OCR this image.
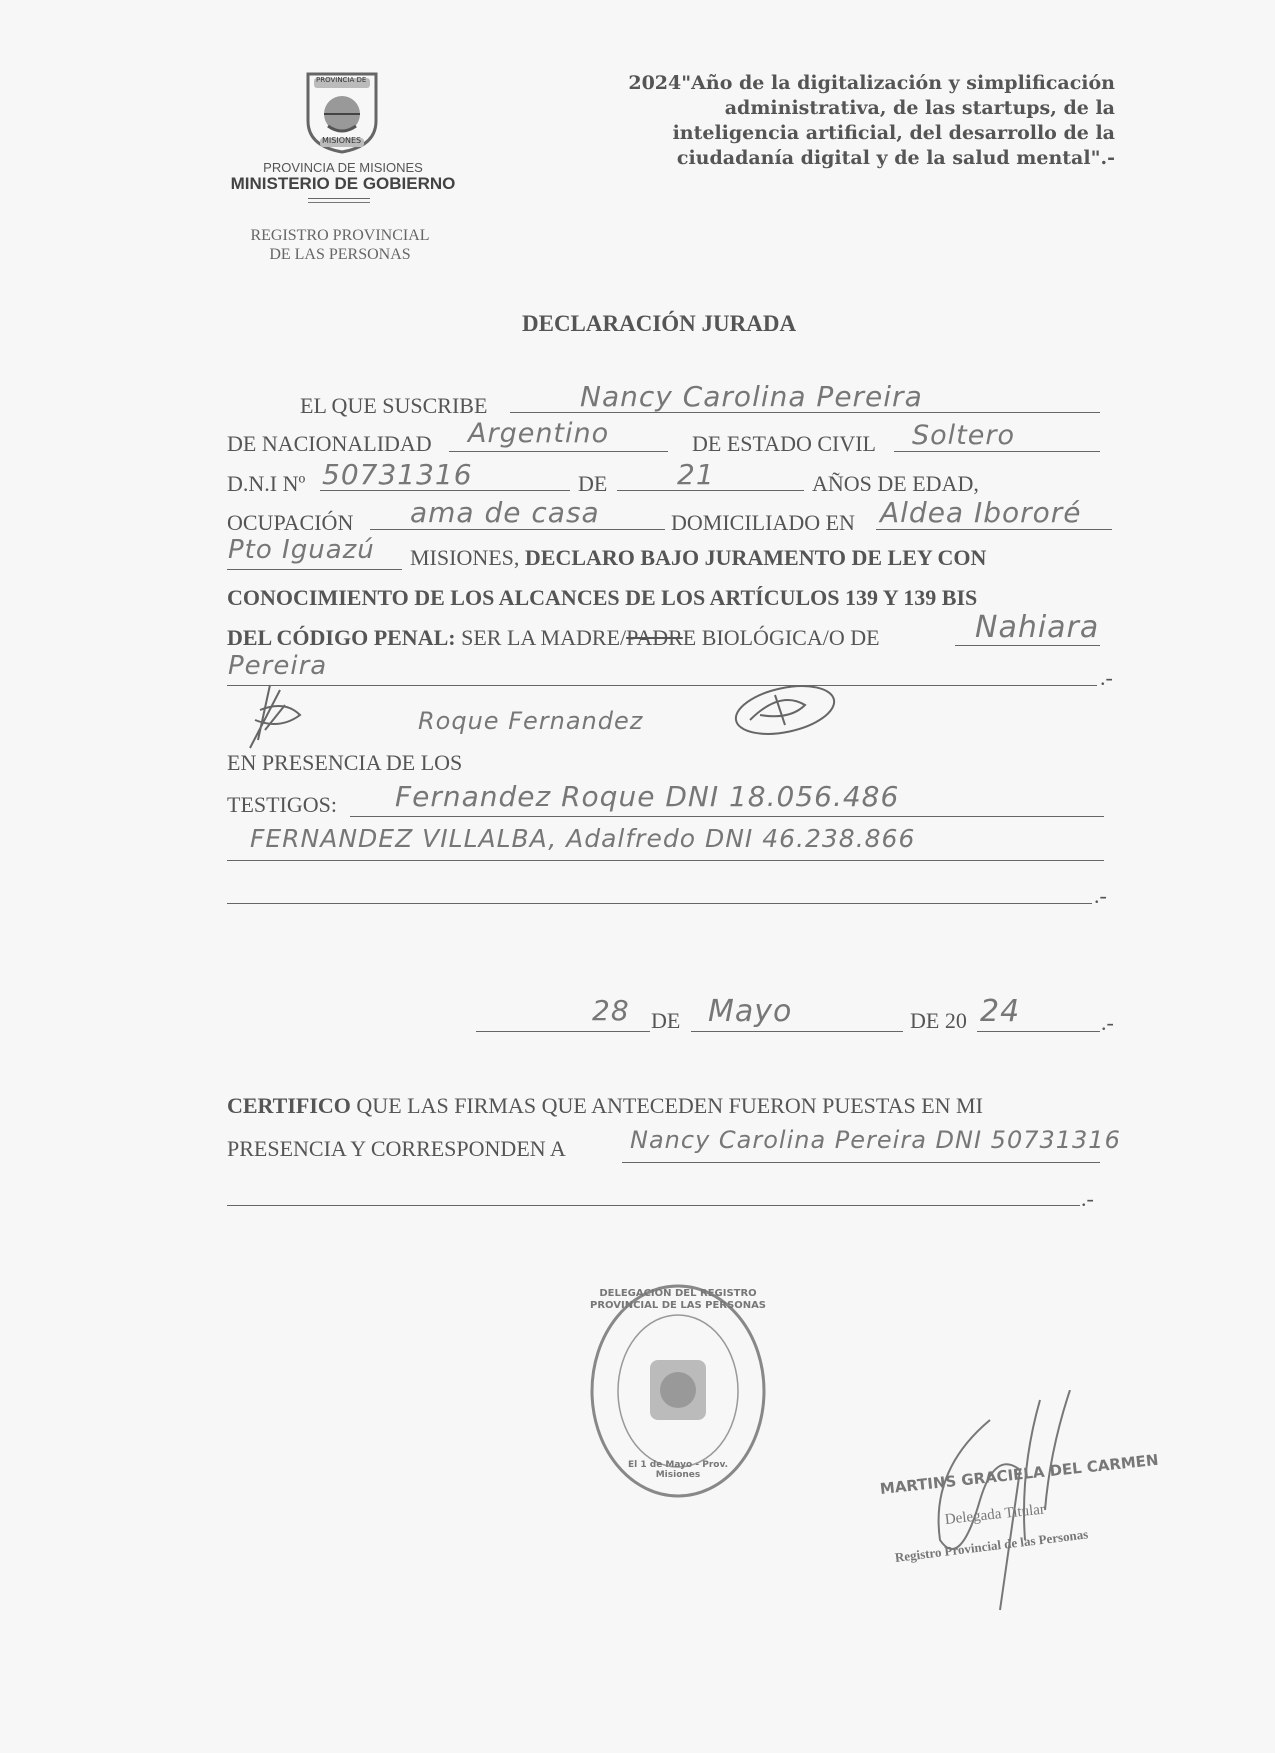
PROVINCIA DE
MISIONES
PROVINCIA DE MISIONES
MINISTERIO DE GOBIERNO
REGISTRO PROVINCIAL
DE LAS PERSONAS
2024"Año de la digitalización y simplificación
administrativa, de las startups, de la
inteligencia artificial, del desarrollo de la
ciudadanía digital y de la salud mental".-
DECLARACIÓN JURADA
EL QUE SUSCRIBE	Nancy Carolina Pereira
DE NACIONALIDAD Argentino	DE ESTADO CIVIL Soltero
D.N.I Nº 50731316	DE 21	AÑOS DE EDAD,
OCUPACIÓN ama de casa	DOMICILIADO EN Aldea Ibororé
Pto Iguazú MISIONES, DECLARO BAJO JURAMENTO DE LEY CON
CONOCIMIENTO DE LOS ALCANCES DE LOS ARTÍCULOS 139 Y 139 BIS
DEL CÓDIGO PENAL: SER LA MADRE/PADRE BIOLÓGICA/O DE	Nahiara
Pereira	.-
Roque Fernandez
EN PRESENCIA DE LOS
TESTIGOS: Fernandez Roque DNI 18.056.486
FERNANDEZ VILLALBA, Adalfredo DNI 46.238.866
.-
28 DE Mayo	DE 20 24	.-
CERTIFICO QUE LAS FIRMAS QUE ANTECEDEN FUERON PUESTAS EN MI
PRESENCIA Y CORRESPONDEN A	Nancy Carolina Pereira DNI 50731316
.-
DELEGACIÓN DEL REGISTRO PROVINCIAL DE LAS PERSONAS
El 1 de Mayo - Prov. Misiones	MARTINS GRACIELA DEL CARMEN
Delegada Titular
Registro Provincial de las Personas
